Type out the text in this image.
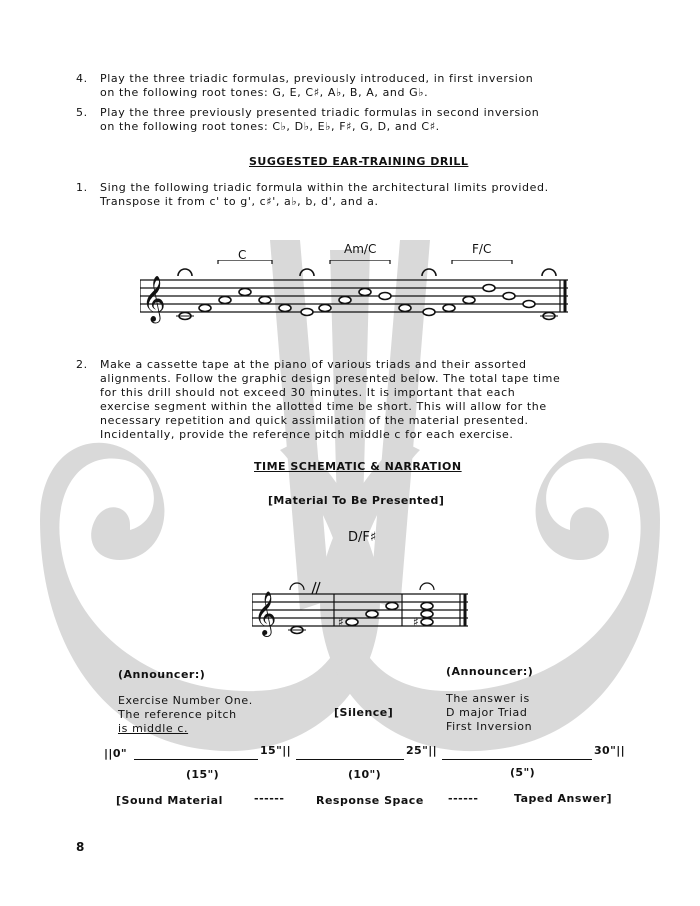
4. Play the three triadic formulas, previously introduced, in first inversion
on the following root tones: G, E, C♯, A♭, B, A, and G♭.
5. Play the three previously presented triadic formulas in second inversion
on the following root tones: C♭, D♭, E♭, F♯, G, D, and C♯.
SUGGESTED EAR-TRAINING DRILL
1. Sing the following triadic formula within the architectural limits provided.
Transpose it from c' to g', c♯', a♭, b, d', and a.
C	Am/C	F/C
𝄞
2. Make a cassette tape at the piano of various triads and their assorted
alignments. Follow the graphic design presented below. The total tape time
for this drill should not exceed 30 minutes. It is important that each
exercise segment within the allotted time be short. This will allow for the
necessary repetition and quick assimilation of the material presented.
Incidentally, provide the reference pitch middle c for each exercise.
TIME SCHEMATIC & NARRATION
[Material To Be Presented]
D/F♯
𝄞	♯	♯
(Announcer:)
Exercise Number One.
The reference pitch
is middle c.
[Silence]
(Announcer:)
The answer is
D major Triad
First Inversion
||0"	15"||	25"||	30"||
(15")	(10")	(5")
[Sound Material	------	Response Space ------	Taped Answer]
8
